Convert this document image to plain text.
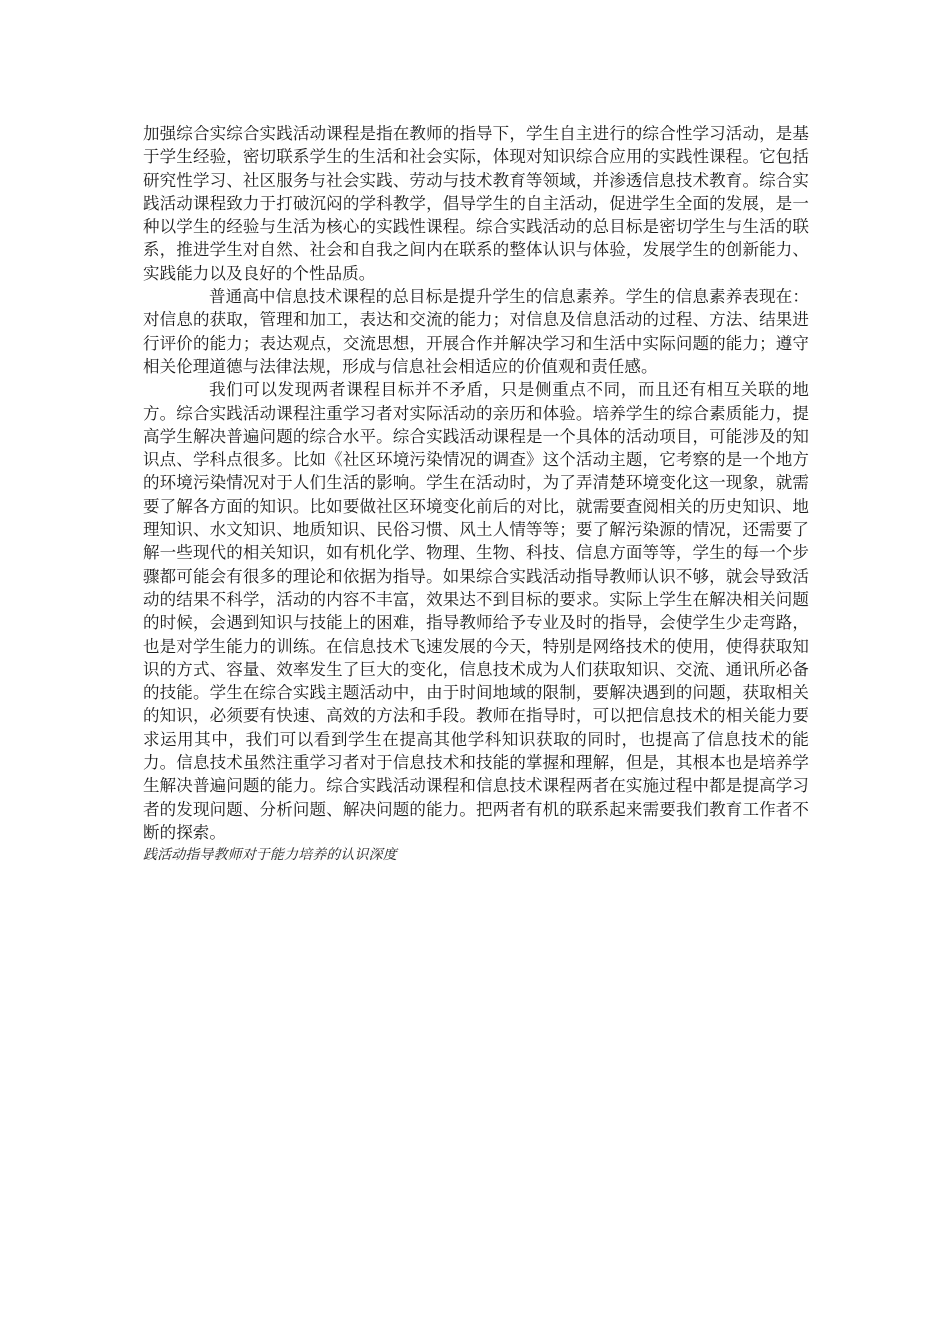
加强综合实综合实践活动课程是指在教师的指导下，学生自主进行的综合性学习活动，是基于学生经验，密切联系学生的生活和社会实际，体现对知识综合应用的实践性课程。它包括研究性学习、社区服务与社会实践、劳动与技术教育等领域，并渗透信息技术教育。综合实践活动课程致力于打破沉闷的学科教学，倡导学生的自主活动，促进学生全面的发展，是一种以学生的经验与生活为核心的实践性课程。综合实践活动的总目标是密切学生与生活的联系，推进学生对自然、社会和自我之间内在联系的整体认识与体验，发展学生的创新能力、实践能力以及良好的个性品质。

普通高中信息技术课程的总目标是提升学生的信息素养。学生的信息素养表现在：对信息的获取，管理和加工，表达和交流的能力；对信息及信息活动的过程、方法、结果进行评价的能力；表达观点，交流思想，开展合作并解决学习和生活中实际问题的能力；遵守相关伦理道德与法律法规，形成与信息社会相适应的价值观和责任感。

我们可以发现两者课程目标并不矛盾，只是侧重点不同，而且还有相互关联的地方。综合实践活动课程注重学习者对实际活动的亲历和体验。培养学生的综合素质能力，提高学生解决普遍问题的综合水平。综合实践活动课程是一个具体的活动项目，可能涉及的知识点、学科点很多。比如《社区环境污染情况的调查》这个活动主题，它考察的是一个地方的环境污染情况对于人们生活的影响。学生在活动时，为了弄清楚环境变化这一现象，就需要了解各方面的知识。比如要做社区环境变化前后的对比，就需要查阅相关的历史知识、地理知识、水文知识、地质知识、民俗习惯、风土人情等等；要了解污染源的情况，还需要了解一些现代的相关知识，如有机化学、物理、生物、科技、信息方面等等，学生的每一个步骤都可能会有很多的理论和依据为指导。如果综合实践活动指导教师认识不够，就会导致活动的结果不科学，活动的内容不丰富，效果达不到目标的要求。实际上学生在解决相关问题的时候，会遇到知识与技能上的困难，指导教师给予专业及时的指导，会使学生少走弯路，也是对学生能力的训练。在信息技术飞速发展的今天，特别是网络技术的使用，使得获取知识的方式、容量、效率发生了巨大的变化，信息技术成为人们获取知识、交流、通讯所必备的技能。学生在综合实践主题活动中，由于时间地域的限制，要解决遇到的问题，获取相关的知识，必须要有快速、高效的方法和手段。教师在指导时，可以把信息技术的相关能力要求运用其中，我们可以看到学生在提高其他学科知识获取的同时，也提高了信息技术的能力。信息技术虽然注重学习者对于信息技术和技能的掌握和理解，但是，其根本也是培养学生解决普遍问题的能力。综合实践活动课程和信息技术课程两者在实施过程中都是提高学习者的发现问题、分析问题、解决问题的能力。把两者有机的联系起来需要我们教育工作者不断的探索。

践活动指导教师对于能力培养的认识深度
